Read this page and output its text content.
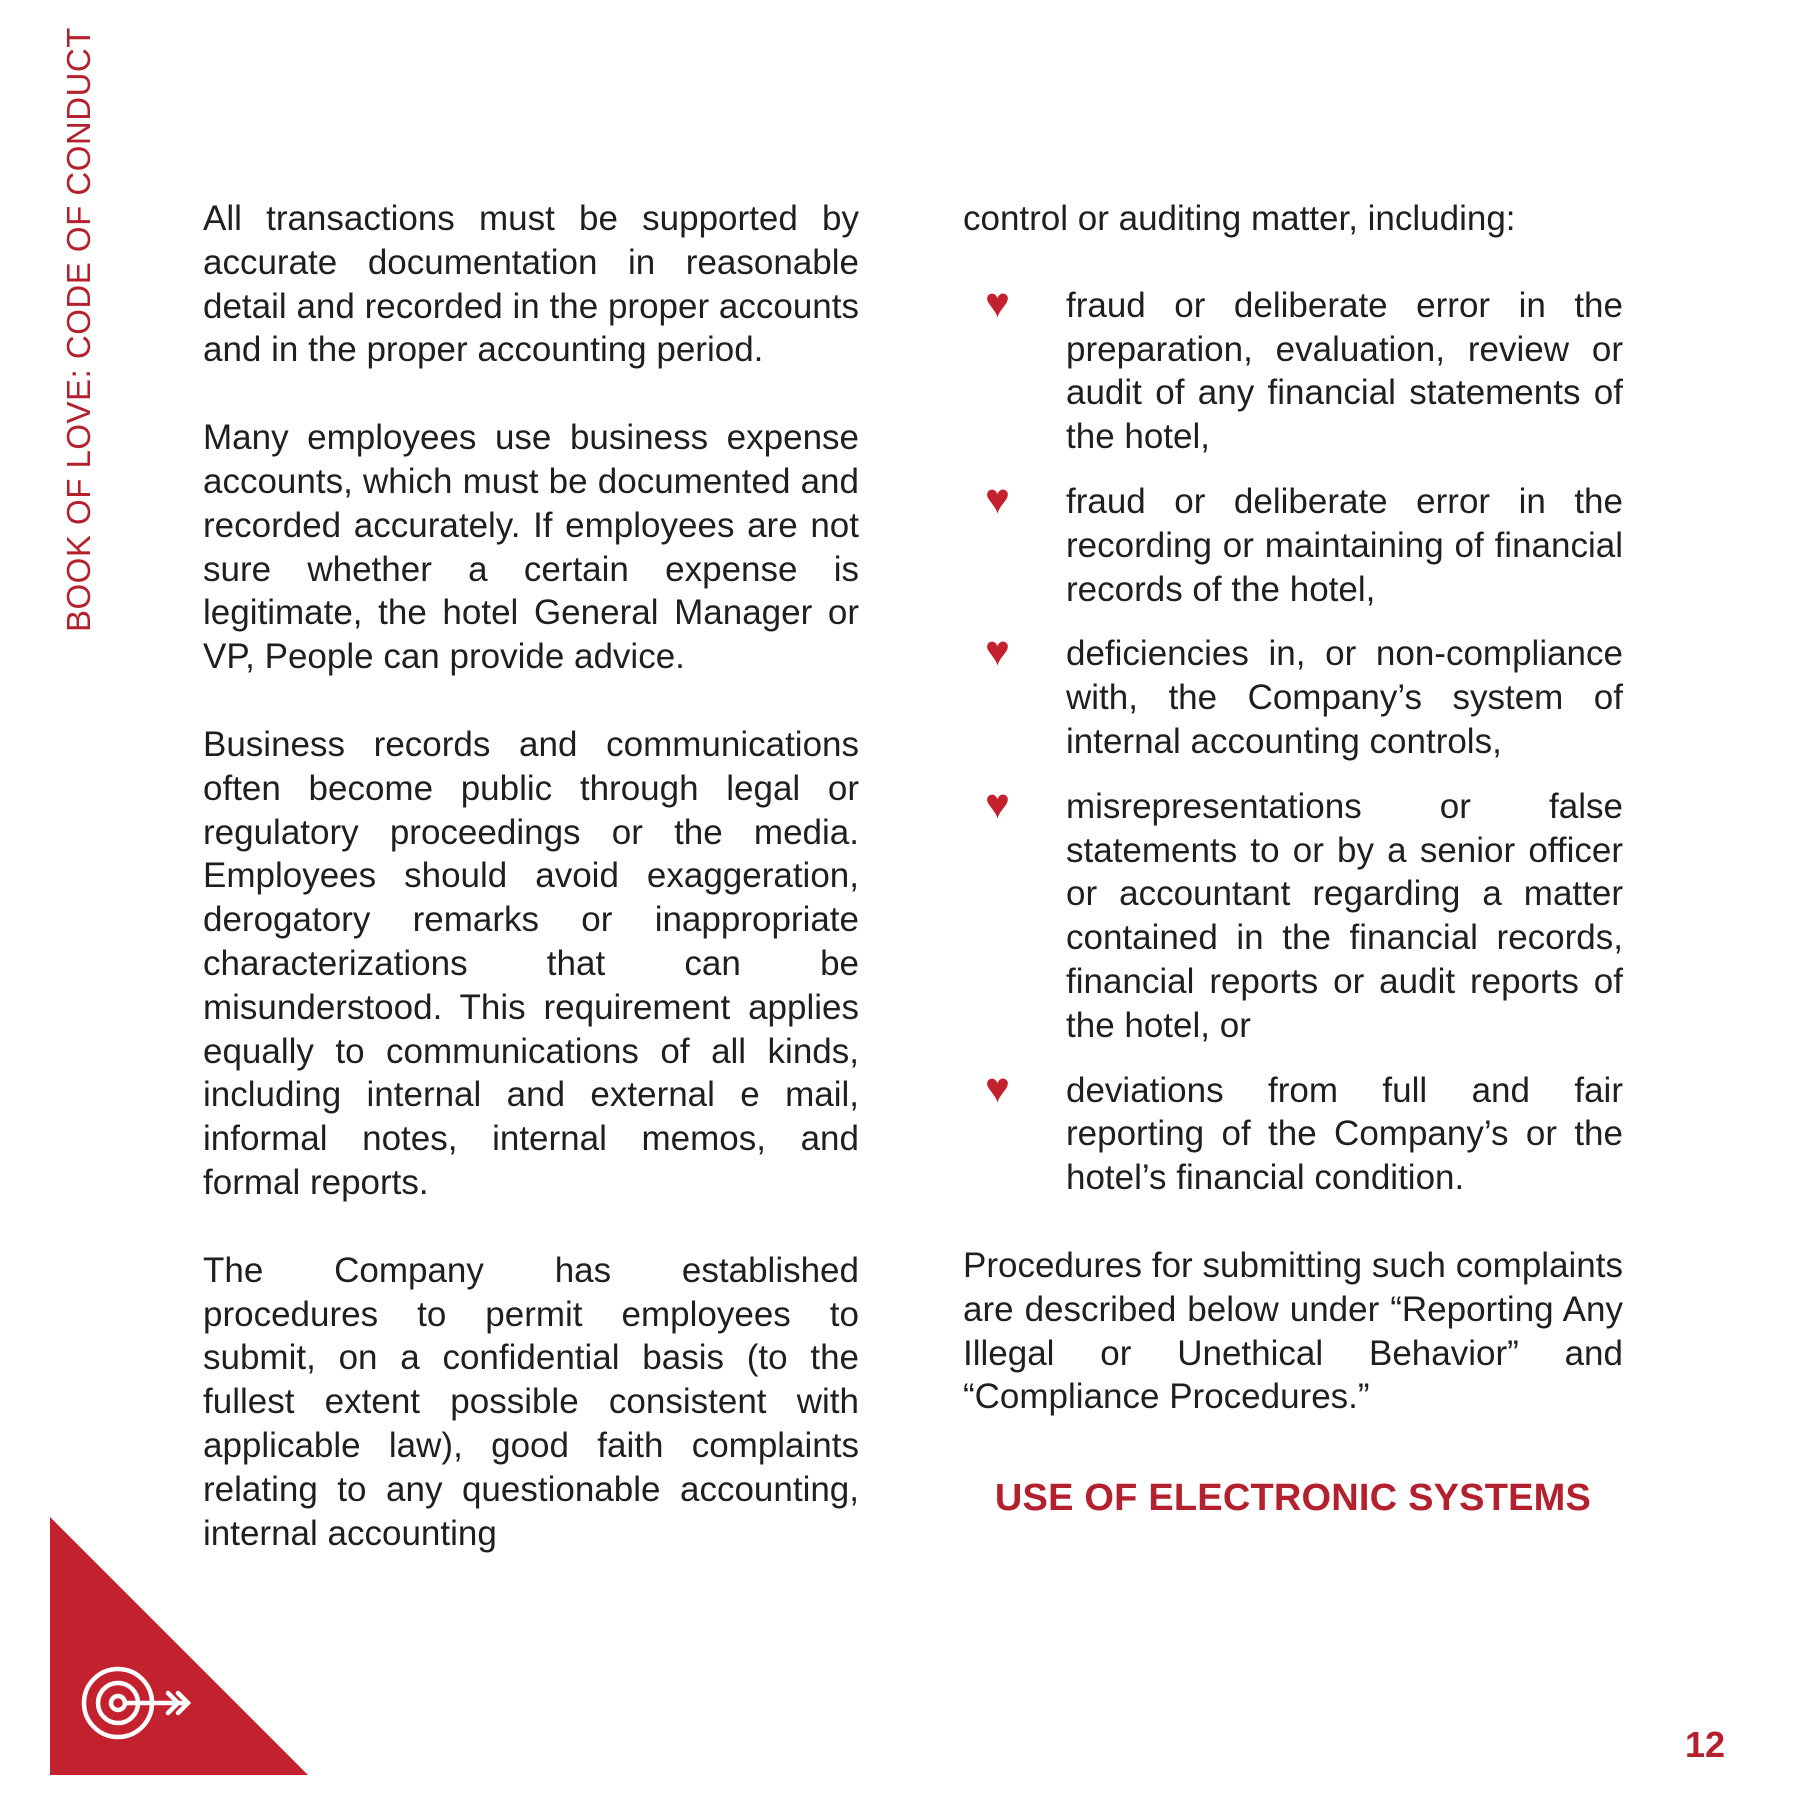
BOOK OF LOVE: CODE OF CONDUCT	All transactions must be supported by accurate documentation in reasonable detail and recorded in the proper accounts and in the proper accounting period.

Many employees use business expense accounts, which must be documented and recorded accurately. If employees are not sure whether a certain expense is legitimate, the hotel General Manager or VP, People can provide advice.

Business records and communications often become public through legal or regulatory proceedings or the media. Employees should avoid exaggeration, derogatory remarks or inappropriate characterizations that can be misunderstood. This requirement applies equally to communications of all kinds, including internal and external e mail, informal notes, internal memos, and formal reports.

The Company has established procedures to permit employees to submit, on a confidential basis (to the fullest extent possible consistent with applicable law), good faith complaints relating to any questionable accounting, internal accounting

control or auditing matter, including:

♥ fraud or deliberate error in the preparation, evaluation, review or audit of any financial statements of the hotel,
♥ fraud or deliberate error in the recording or maintaining of financial records of the hotel,
♥ deficiencies in, or non-compliance with, the Company’s system of internal accounting controls,
♥ misrepresentations or false statements to or by a senior officer or accountant regarding a matter contained in the financial records, financial reports or audit reports of the hotel, or
♥ deviations from full and fair reporting of the Company’s or the hotel’s financial condition.

Procedures for submitting such complaints are described below under “Reporting Any Illegal or Unethical Behavior” and “Compliance Procedures.”

USE OF ELECTRONIC SYSTEMS
12
